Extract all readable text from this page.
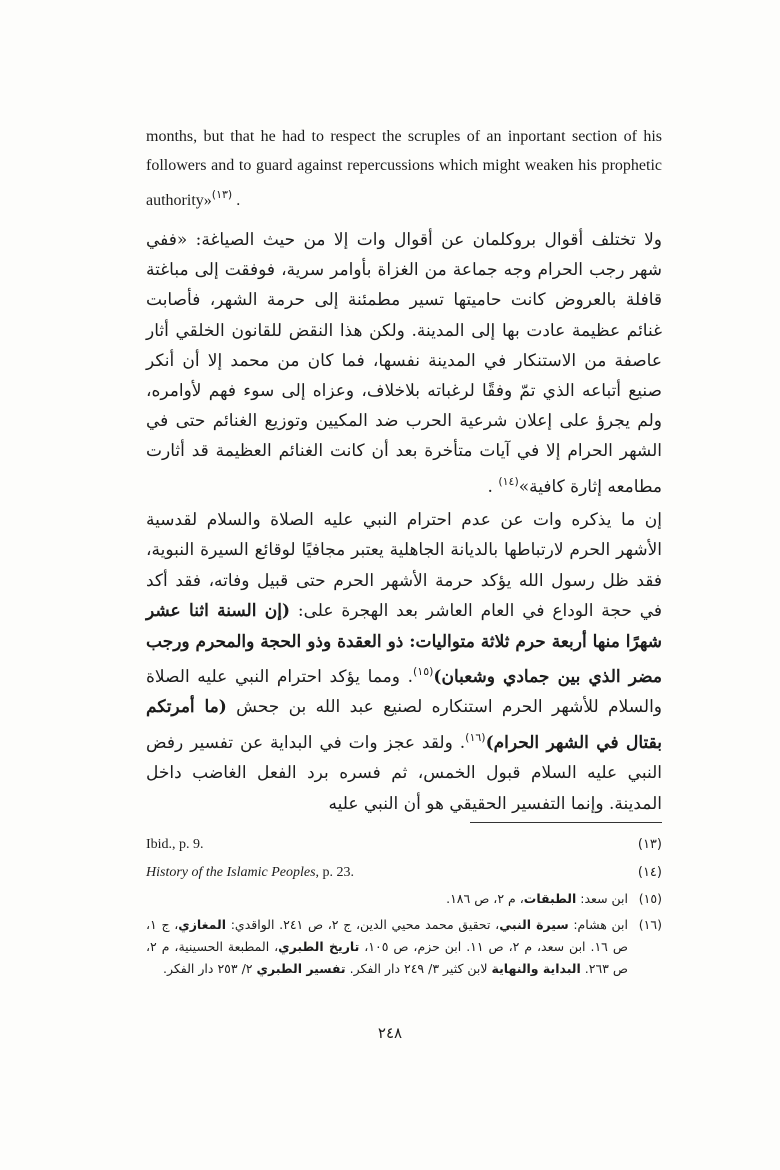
months, but that he had to respect the scruples of an inportant section of his followers and to guard against repercussions which might weaken his prophetic authority»$^{(١٣)}$ .

ولا تختلف أقوال بروكلمان عن أقوال وات إلا من حيث الصياغة: «ففي شهر رجب الحرام وجه جماعة من الغزاة بأوامر سرية، فوفقت إلى مباغتة قافلة بالعروض كانت حاميتها تسير مطمئنة إلى حرمة الشهر، فأصابت غنائم عظيمة عادت بها إلى المدينة. ولكن هذا النقض للقانون الخلقي أثار عاصفة من الاستنكار في المدينة نفسها، فما كان من محمد إلا أن أنكر صنيع أتباعه الذي تمّ وفقًا لرغباته بلاخلاف، وعزاه إلى سوء فهم لأوامره، ولم يجرؤ على إعلان شرعية الحرب ضد المكيين وتوزيع الغنائم حتى في الشهر الحرام إلا في آيات متأخرة بعد أن كانت الغنائم العظيمة قد أثارت مطامعه إثارة كافية»$^{(١٤)}$ .

إن ما يذكره وات عن عدم احترام النبي عليه الصلاة والسلام لقدسية الأشهر الحرم لارتباطها بالديانة الجاهلية يعتبر مجافيًا لوقائع السيرة النبوية، فقد ظل رسول الله يؤكد حرمة الأشهر الحرم حتى قبيل وفاته، فقد أكد في حجة الوداع في العام العاشر بعد الهجرة على: (إن السنة اثنا عشر شهرًا منها أربعة حرم ثلاثة متواليات: ذو العقدة وذو الحجة والمحرم ورجب مضر الذي بين جمادي وشعبان)$^{(١٥)}$. ومما يؤكد احترام النبي عليه الصلاة والسلام للأشهر الحرم استنكاره لصنيع عبد الله بن جحش (ما أمرتكم بقتال في الشهر الحرام)$^{(١٦)}$. ولقد عجز وات في البداية عن تفسير رفض النبي عليه السلام قبول الخمس، ثم فسره برد الفعل الغاضب داخل المدينة. وإنما التفسير الحقيقي هو أن النبي عليه

Ibid., p. 9.	(١٣)
History of the Islamic Peoples, p. 23.	(١٤)
(١٥)
ابن سعد: الطبقات، م ٢، ص ١٨٦.
(١٦)
ابن هشام: سيرة النبي، تحقيق محمد محيي الدين، ج ٢، ص ٢٤١. الواقدي: المغازي، ج ١، ص ١٦. ابن سعد، م ٢، ص ١١. ابن حزم، ص ١٠٥، تاريخ الطبري، المطبعة الحسينية، م ٢، ص ٢٦٣. البداية والنهاية لابن كثير ٣/ ٢٤٩ دار الفكر. تفسير الطبري ٢/ ٢٥٣ دار الفكر.
٢٤٨
